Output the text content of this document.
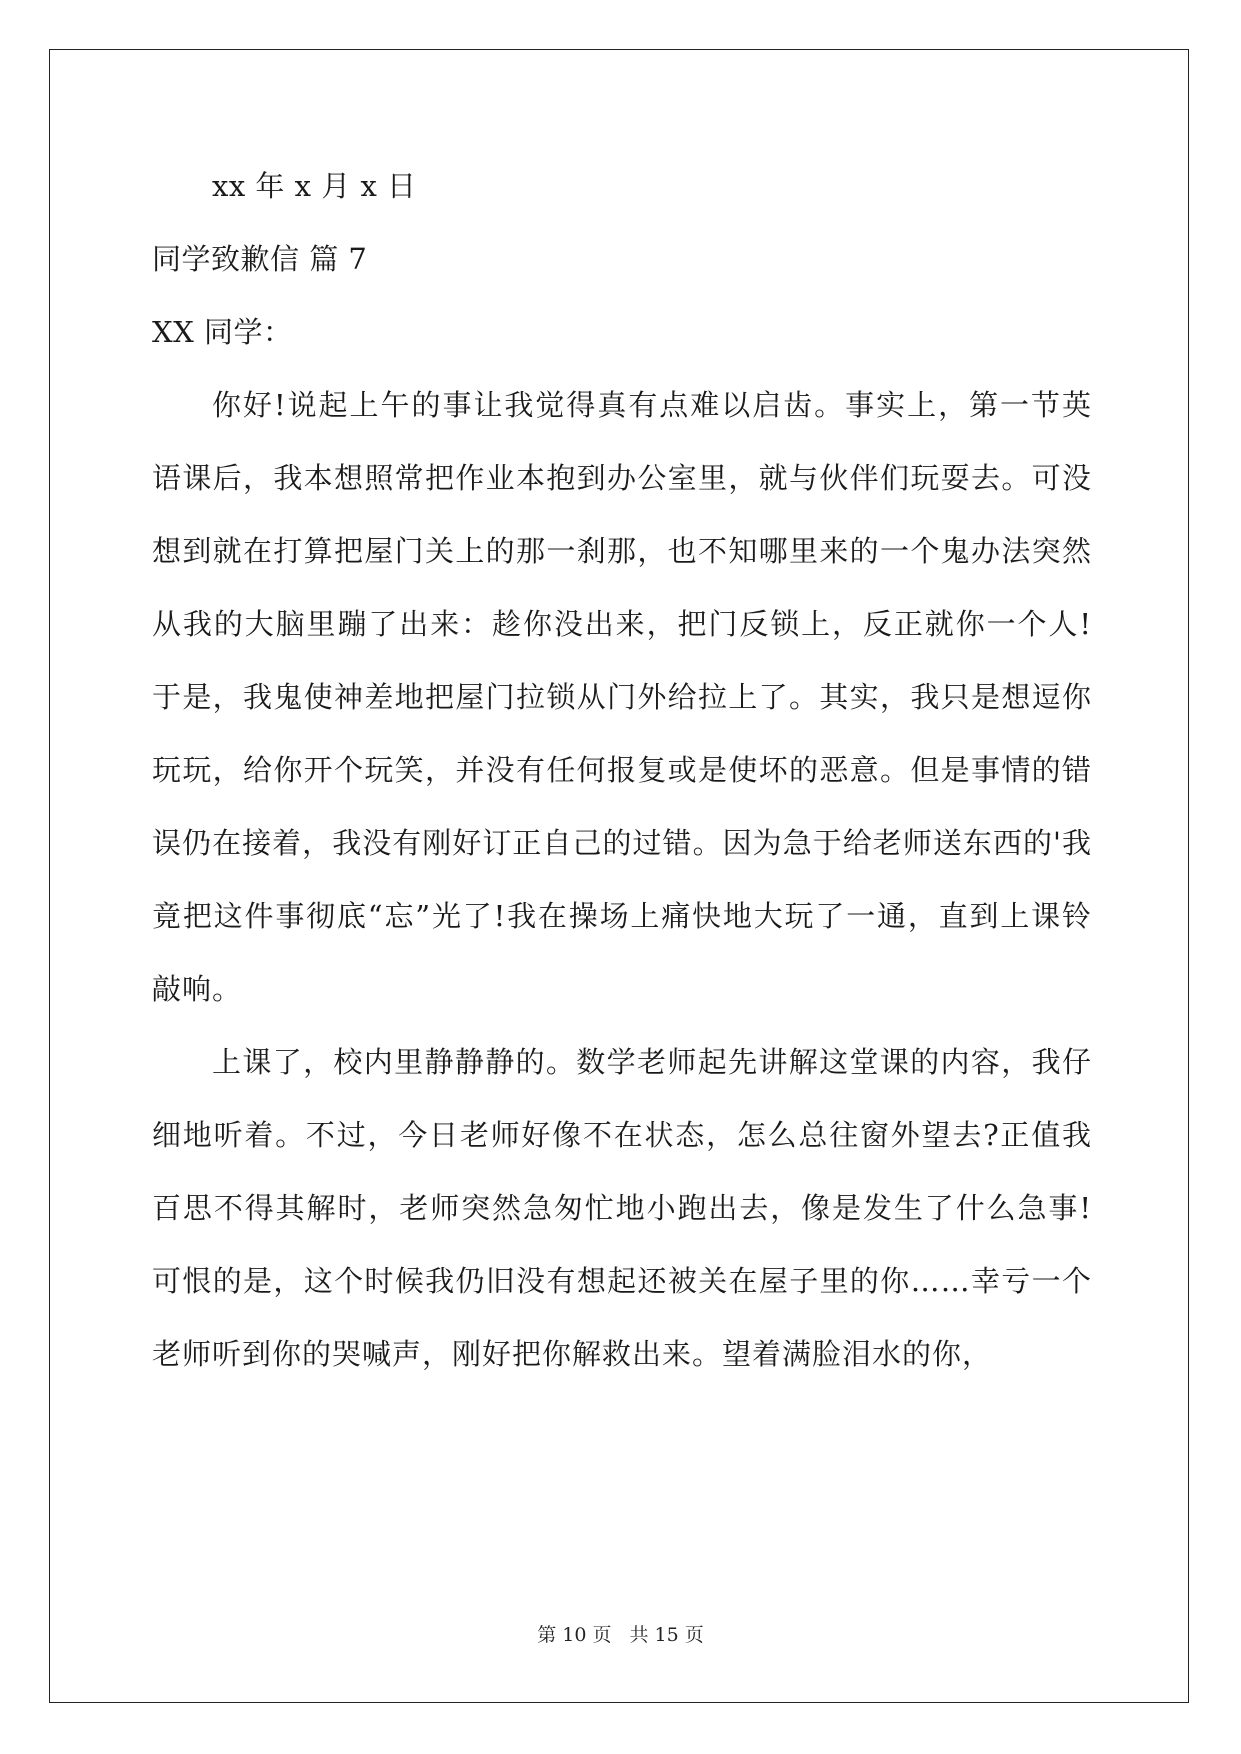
xx 年 x 月 x 日
同学致歉信 篇 7
XX 同学：

你好!说起上午的事让我觉得真有点难以启齿。事实上，第一节英语课后，我本想照常把作业本抱到办公室里，就与伙伴们玩耍去。可没想到就在打算把屋门关上的那一刹那，也不知哪里来的一个鬼办法突然从我的大脑里蹦了出来：趁你没出来，把门反锁上，反正就你一个人!于是，我鬼使神差地把屋门拉锁从门外给拉上了。其实，我只是想逗你玩玩，给你开个玩笑，并没有任何报复或是使坏的恶意。但是事情的错误仍在接着，我没有刚好订正自己的过错。因为急于给老师送东西的'我竟把这件事彻底“忘”光了!我在操场上痛快地大玩了一通，直到上课铃敲响。

上课了，校内里静静静的。数学老师起先讲解这堂课的内容，我仔细地听着。不过，今日老师好像不在状态，怎么总往窗外望去?正值我百思不得其解时，老师突然急匆忙地小跑出去，像是发生了什么急事!可恨的是，这个时候我仍旧没有想起还被关在屋子里的你……幸亏一个老师听到你的哭喊声，刚好把你解救出来。望着满脸泪水的你，

第 10 页 共 15 页
